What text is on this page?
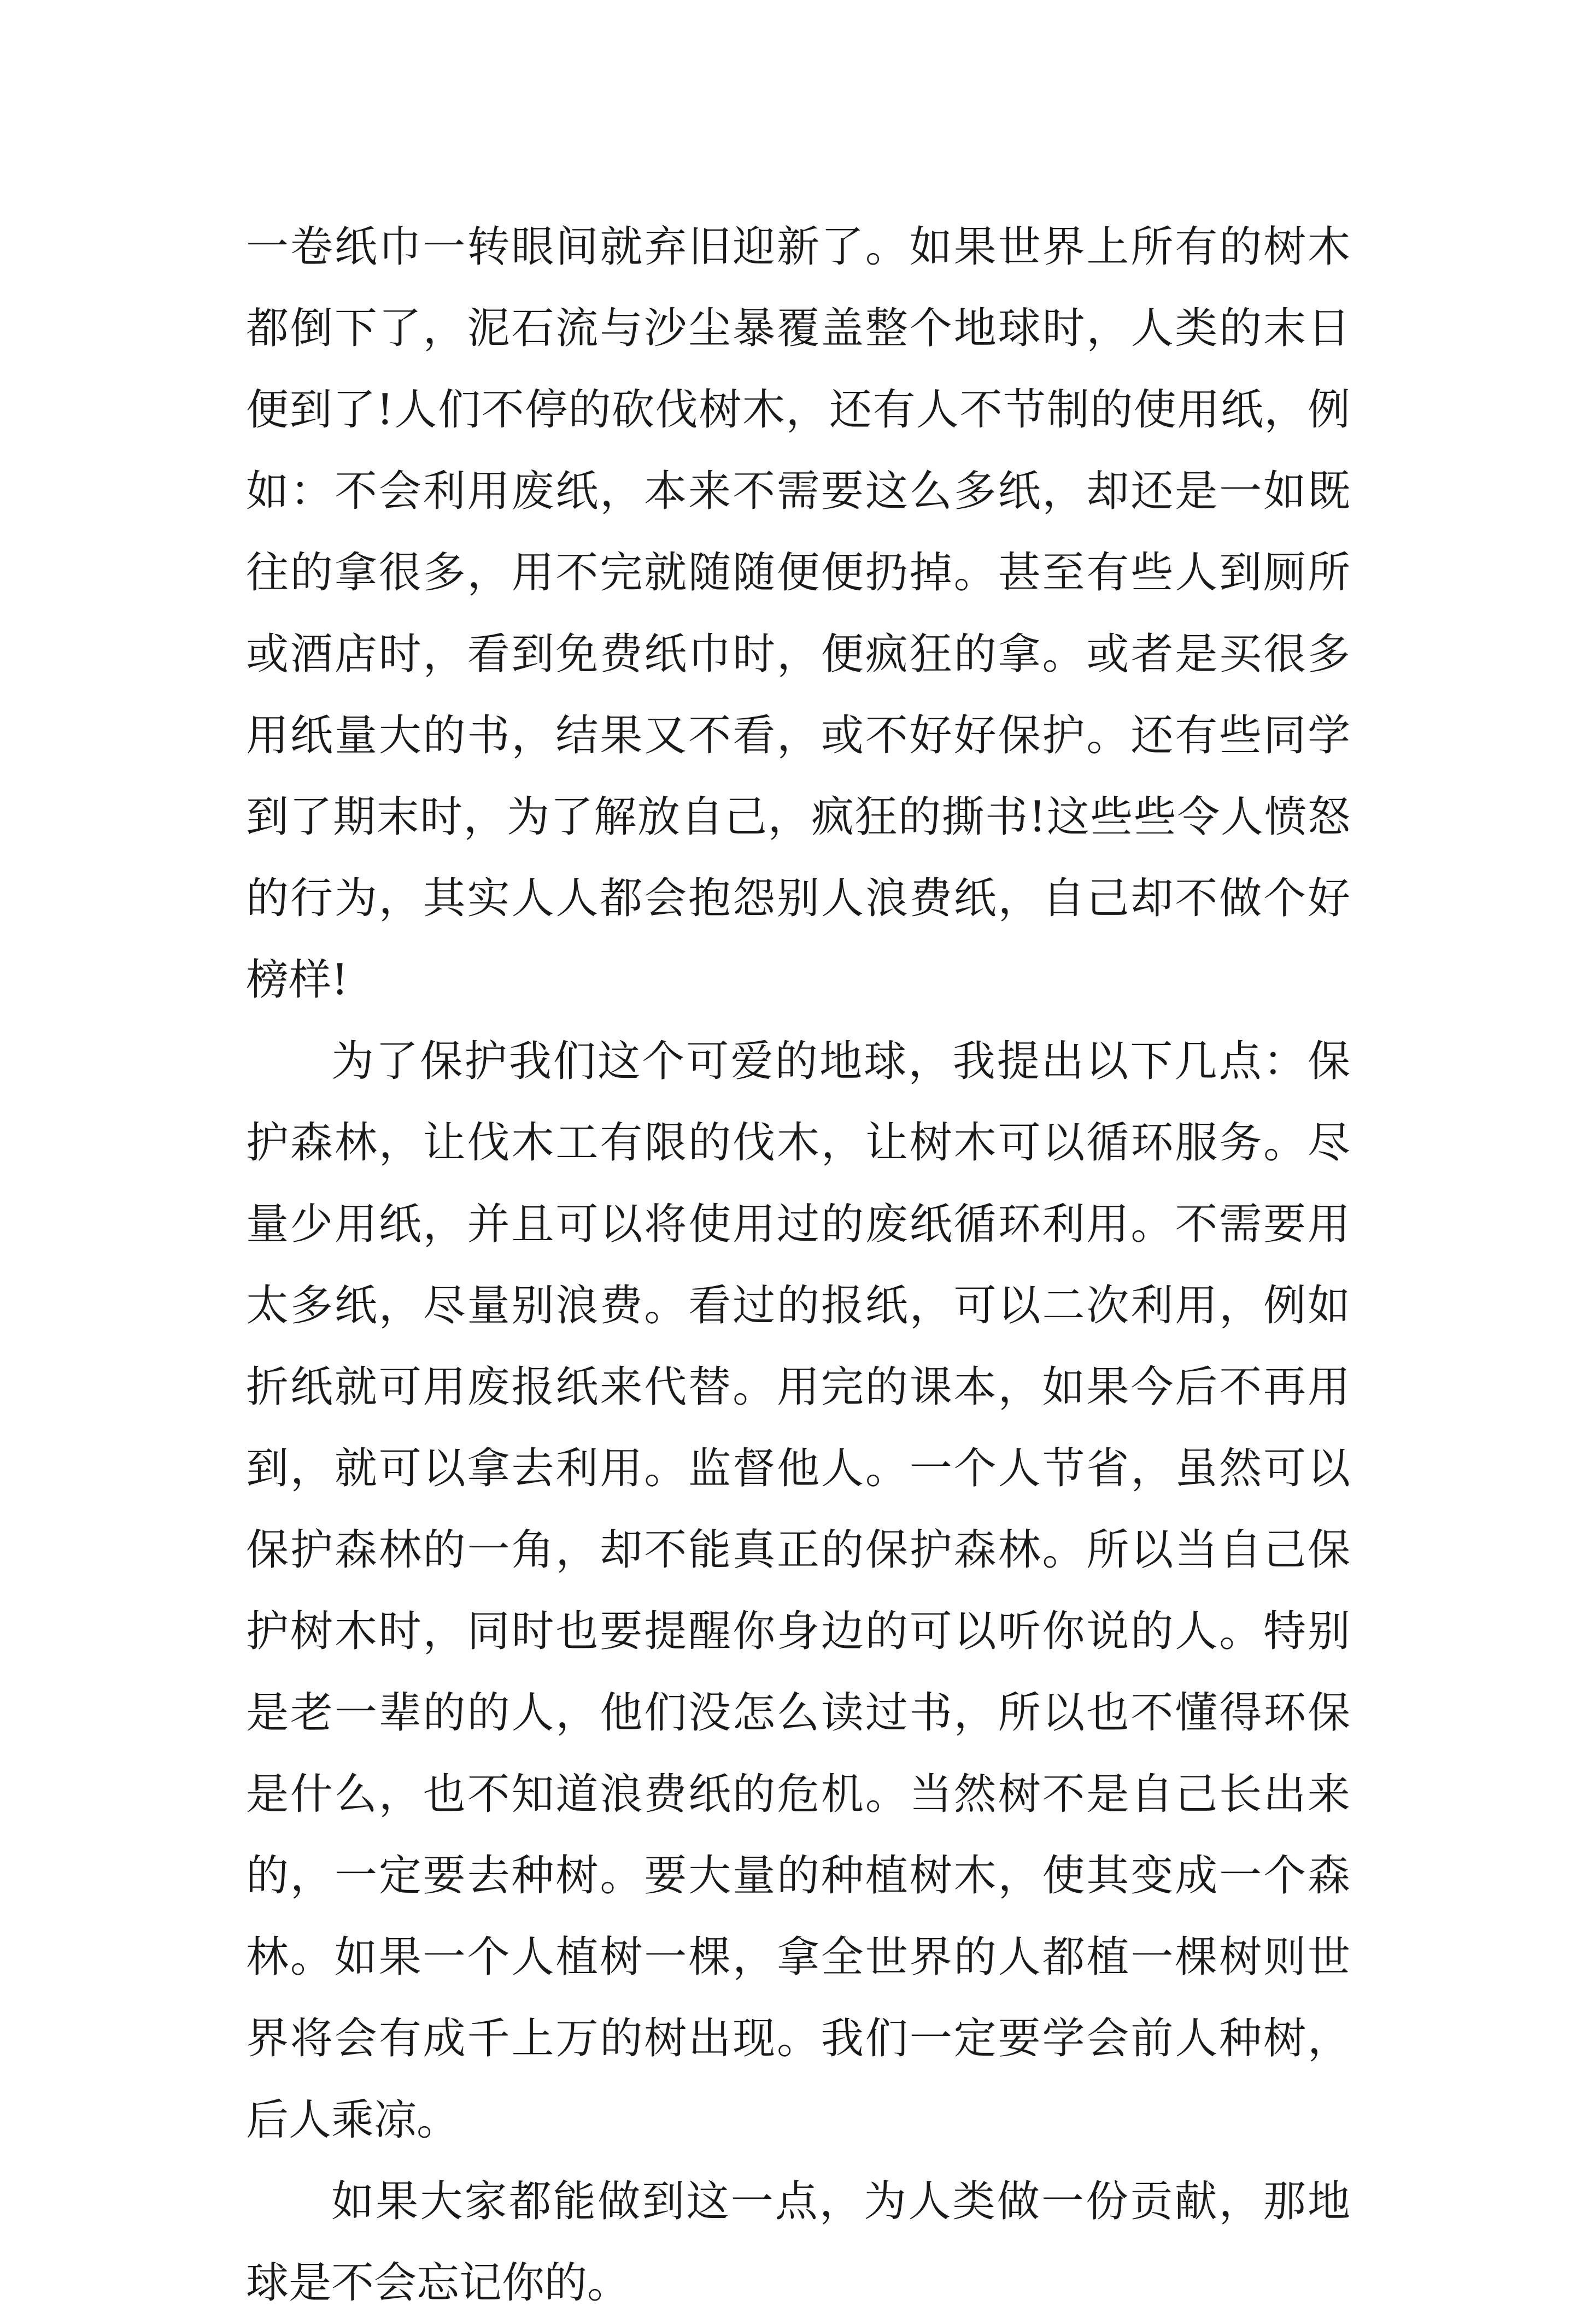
一卷纸巾一转眼间就弃旧迎新了。如果世界上所有的树木都倒下了，泥石流与沙尘暴覆盖整个地球时，人类的末日便到了!人们不停的砍伐树木，还有人不节制的使用纸，例如：不会利用废纸，本来不需要这么多纸，却还是一如既往的拿很多，用不完就随随便便扔掉。甚至有些人到厕所或酒店时，看到免费纸巾时，便疯狂的拿。或者是买很多用纸量大的书，结果又不看，或不好好保护。还有些同学到了期末时，为了解放自己，疯狂的撕书!这些些令人愤怒的行为，其实人人都会抱怨别人浪费纸，自己却不做个好榜样!

为了保护我们这个可爱的地球，我提出以下几点：保护森林，让伐木工有限的伐木，让树木可以循环服务。尽量少用纸，并且可以将使用过的废纸循环利用。不需要用太多纸，尽量别浪费。看过的报纸，可以二次利用，例如折纸就可用废报纸来代替。用完的课本，如果今后不再用到，就可以拿去利用。监督他人。一个人节省，虽然可以保护森林的一角，却不能真正的保护森林。所以当自己保护树木时，同时也要提醒你身边的可以听你说的人。特别是老一辈的的人，他们没怎么读过书，所以也不懂得环保是什么，也不知道浪费纸的危机。当然树不是自己长出来的，一定要去种树。要大量的种植树木，使其变成一个森林。如果一个人植树一棵，拿全世界的人都植一棵树则世界将会有成千上万的树出现。我们一定要学会前人种树，后人乘凉。

如果大家都能做到这一点，为人类做一份贡献，那地球是不会忘记你的。
